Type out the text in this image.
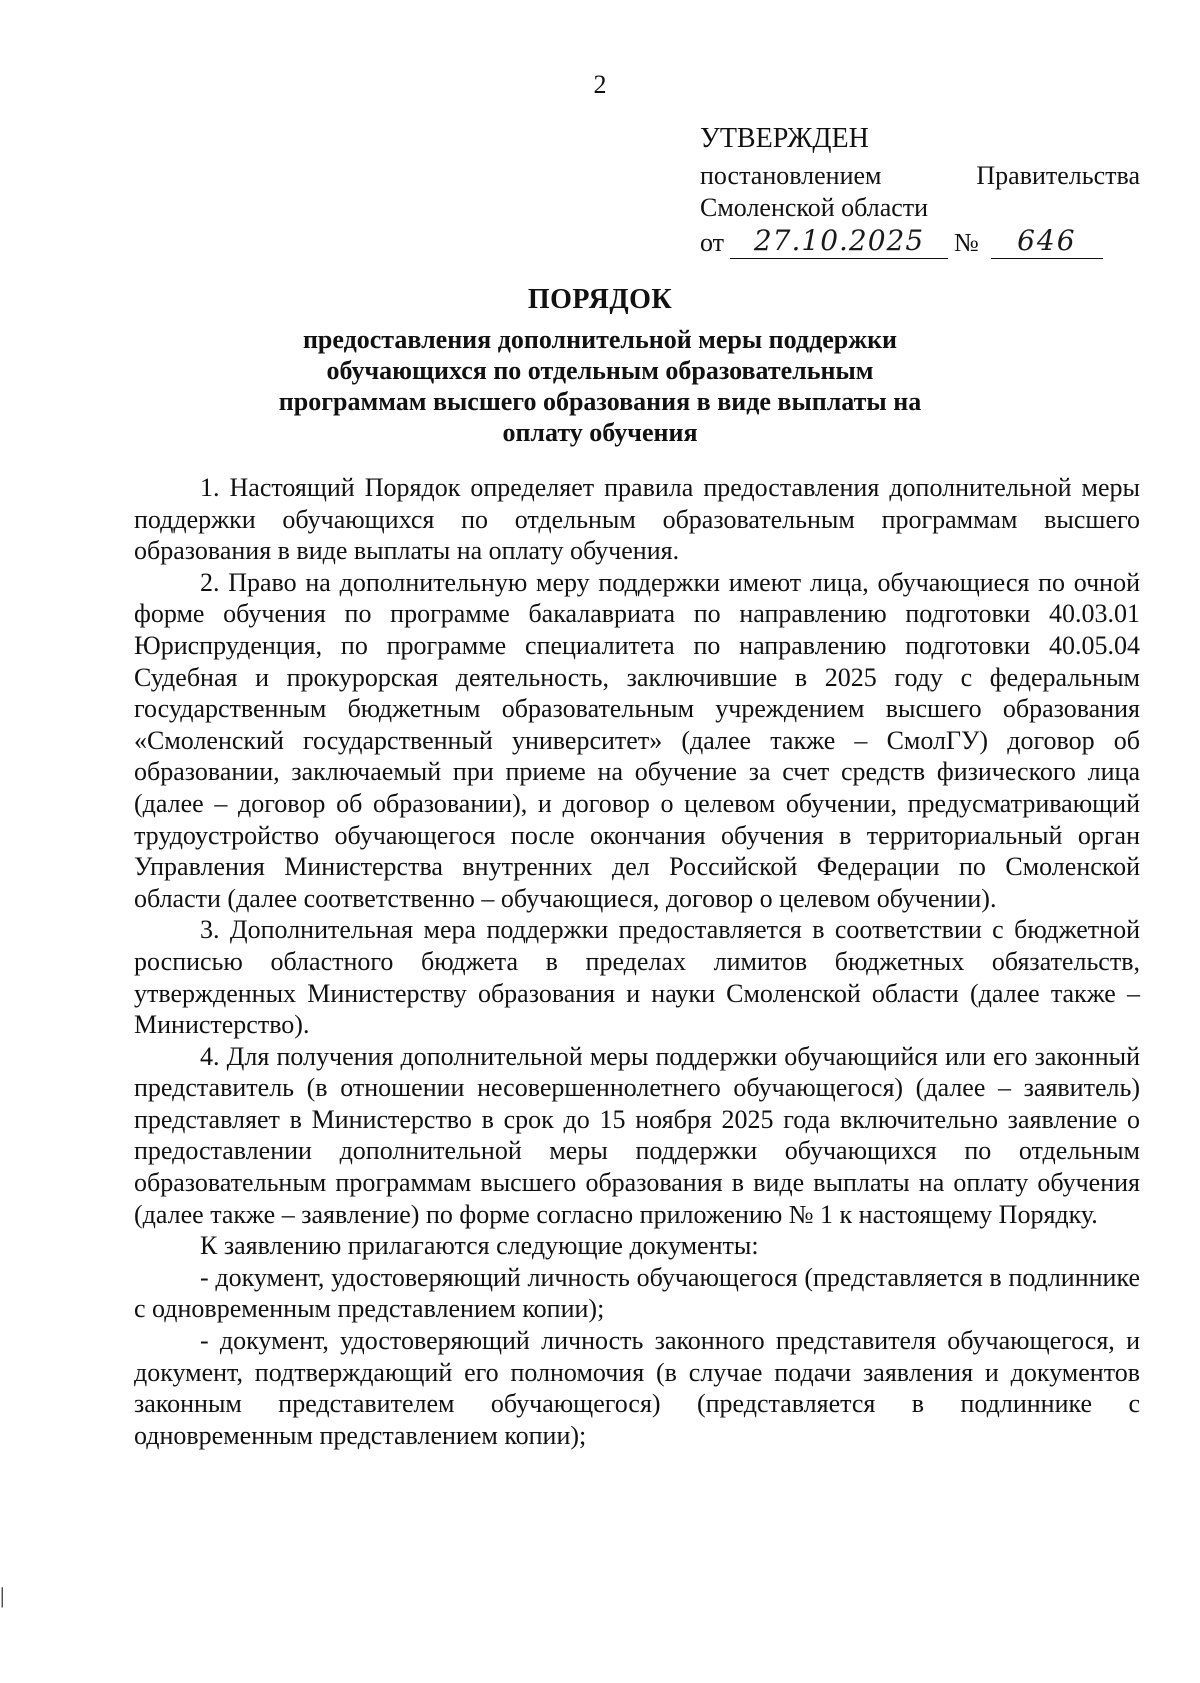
2
УТВЕРЖДЕН
постановлением	Правительства
Смоленской области
от	27.10.2025	№	646
ПОРЯДОК
предоставления дополнительной меры поддержки обучающихся по отдельным образовательным программам высшего образования в виде выплаты на оплату обучения

1. Настоящий Порядок определяет правила предоставления дополнительной меры поддержки обучающихся по отдельным образовательным программам высшего образования в виде выплаты на оплату обучения.

2. Право на дополнительную меру поддержки имеют лица, обучающиеся по очной форме обучения по программе бакалавриата по направлению подготовки 40.03.01 Юриспруденция, по программе специалитета по направлению подготовки 40.05.04 Судебная и прокурорская деятельность, заключившие в 2025 году с федеральным государственным бюджетным образовательным учреждением высшего образования «Смоленский государственный университет» (далее также – СмолГУ) договор об образовании, заключаемый при приеме на обучение за счет средств физического лица (далее – договор об образовании), и договор о целевом обучении, предусматривающий трудоустройство обучающегося после окончания обучения в территориальный орган Управления Министерства внутренних дел Российской Федерации по Смоленской области (далее соответственно – обучающиеся, договор о целевом обучении).

3. Дополнительная мера поддержки предоставляется в соответствии с бюджетной росписью областного бюджета в пределах лимитов бюджетных обязательств, утвержденных Министерству образования и науки Смоленской области (далее также – Министерство).

4. Для получения дополнительной меры поддержки обучающийся или его законный представитель (в отношении несовершеннолетнего обучающегося) (далее – заявитель) представляет в Министерство в срок до 15 ноября 2025 года включительно заявление о предоставлении дополнительной меры поддержки обучающихся по отдельным образовательным программам высшего образования в виде выплаты на оплату обучения (далее также – заявление) по форме согласно приложению № 1 к настоящему Порядку.

К заявлению прилагаются следующие документы:

- документ, удостоверяющий личность обучающегося (представляется в подлиннике с одновременным представлением копии);

- документ, удостоверяющий личность законного представителя обучающегося, и документ, подтверждающий его полномочия (в случае подачи заявления и документов законным представителем обучающегося) (представляется в подлиннике с одновременным представлением копии);

|
